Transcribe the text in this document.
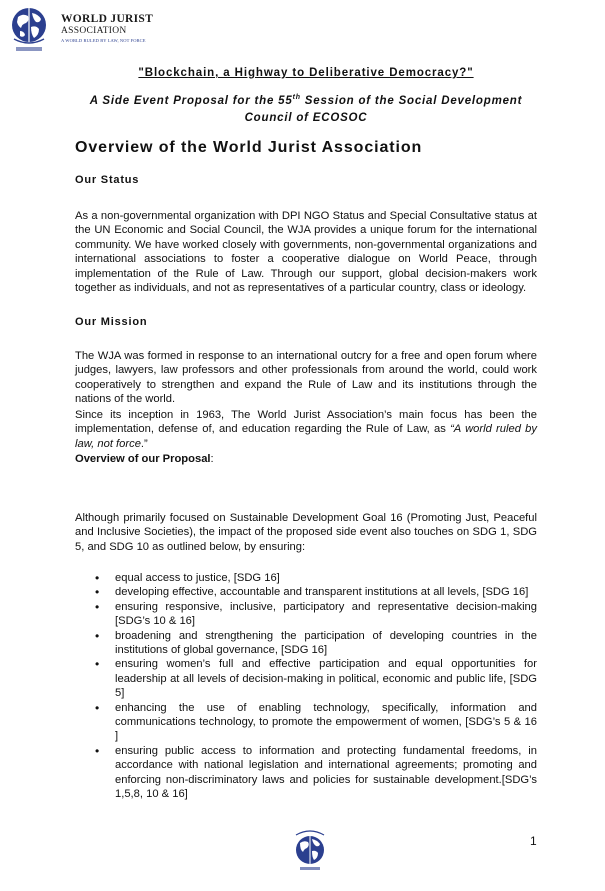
WORLD JURIST
ASSOCIATION
A WORLD RULED BY LAW, NOT FORCE
"Blockchain, a Highway to Deliberative Democracy?"
A Side Event Proposal for the 55th Session of the Social Development Council of ECOSOC
Overview of the World Jurist Association
Our Status

As a non-governmental organization with DPI NGO Status and Special Consultative status at the UN Economic and Social Council, the WJA provides a unique forum for the international community. We have worked closely with governments, non-governmental organizations and international associations to foster a cooperative dialogue on World Peace, through implementation of the Rule of Law. Through our support, global decision-makers work together as individuals, and not as representatives of a particular country, class or ideology.

Our Mission

The WJA was formed in response to an international outcry for a free and open forum where judges, lawyers, law professors and other professionals from around the world, could work cooperatively to strengthen and expand the Rule of Law and its institutions through the nations of the world.

Since its inception in 1963, The World Jurist Association’s main focus has been the implementation, defense of, and education regarding the Rule of Law, as “A world ruled by law, not force.”

Overview of our Proposal:

Although primarily focused on Sustainable Development Goal 16 (Promoting Just, Peaceful and Inclusive Societies), the impact of the proposed side event also touches on SDG 1, SDG 5, and SDG 10 as outlined below, by ensuring:

• equal access to justice, [SDG 16]
• developing effective, accountable and transparent institutions at all levels, [SDG 16]
• ensuring responsive, inclusive, participatory and representative decision-making [SDG’s 10 & 16]
• broadening and strengthening the participation of developing countries in the institutions of global governance, [SDG 16]
• ensuring women’s full and effective participation and equal opportunities for leadership at all levels of decision-making in political, economic and public life, [SDG 5]
• enhancing the use of enabling technology, specifically, information and communications technology, to promote the empowerment of women, [SDG’s 5 & 16 ]
• ensuring public access to information and protecting fundamental freedoms, in accordance with national legislation and international agreements; promoting and enforcing non-discriminatory laws and policies for sustainable development.[SDG’s 1,5,8, 10 & 16]
1
